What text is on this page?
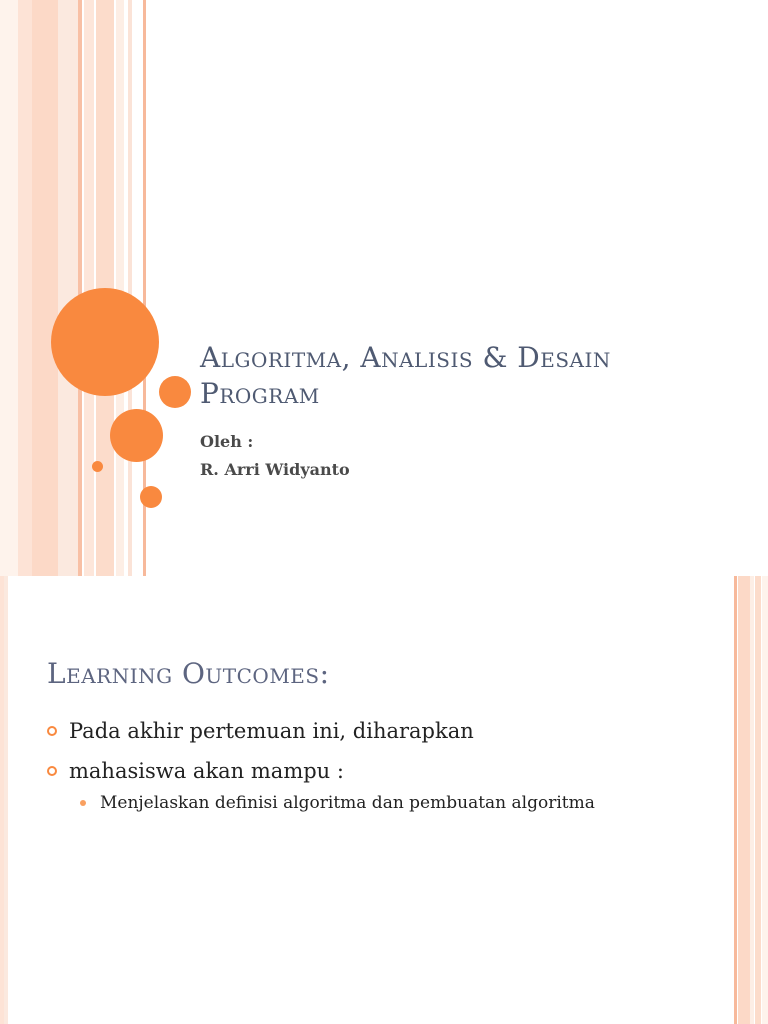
Algoritma, Analisis & Desain
Program
Oleh :
R. Arri Widyanto
Learning Outcomes:
Pada akhir pertemuan ini, diharapkan
mahasiswa akan mampu :
Menjelaskan definisi algoritma dan pembuatan algoritma
